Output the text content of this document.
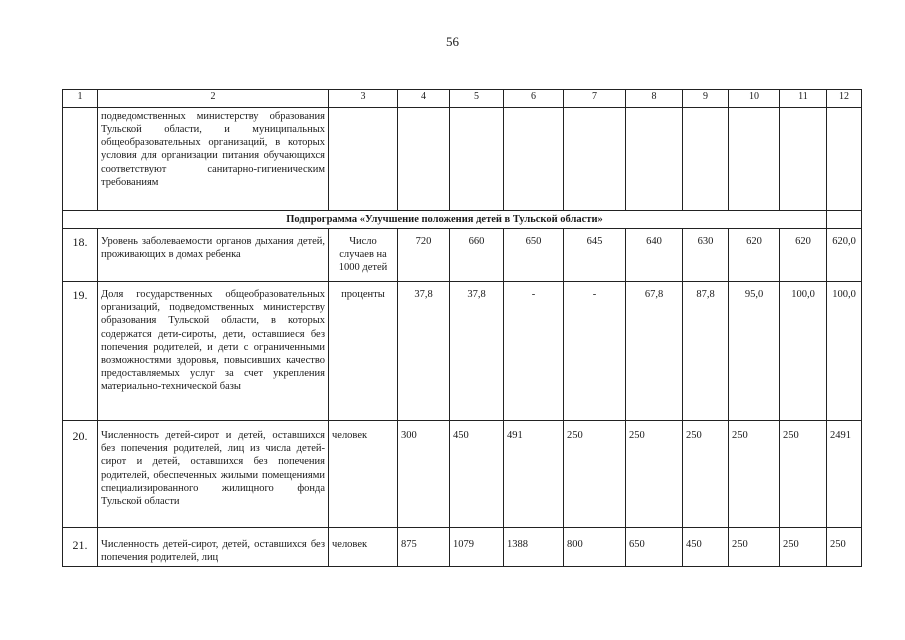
56
1	2	3	4	5	6	7	8	9	10	11	12
	подведомственных министерству образования Тульской области, и муниципальных общеобразовательных организаций, в которых условия для организации питания обучающихся соответствуют санитарно-гигиеническим требованиям										
Подпрограмма «Улучшение положения детей в Тульской области»											
18.	Уровень заболеваемости органов дыхания детей, проживающих в домах ребенка	Число случаев на 1000 детей	720	660	650	645	640	630	620	620	620,0
19.	Доля государственных общеобразовательных организаций, подведомственных министерству образования Тульской области, в которых содержатся дети-сироты, дети, оставшиеся без попечения родителей, и дети с ограниченными возможностями здоровья, повысивших качество предоставляемых услуг за счет укрепления материально-технической базы	проценты	37,8	37,8	-	-	67,8	87,8	95,0	100,0	100,0
20.	Численность детей-сирот и детей, оставшихся без попечения родителей, лиц из числа детей-сирот и детей, оставшихся без попечения родителей, обеспеченных жилыми помещениями специализированного жилищного фонда Тульской области	человек	300	450	491	250	250	250	250	250	2491
21.	Численность детей-сирот, детей, оставшихся без попечения родителей, лиц	человек	875	1079	1388	800	650	450	250	250	250
